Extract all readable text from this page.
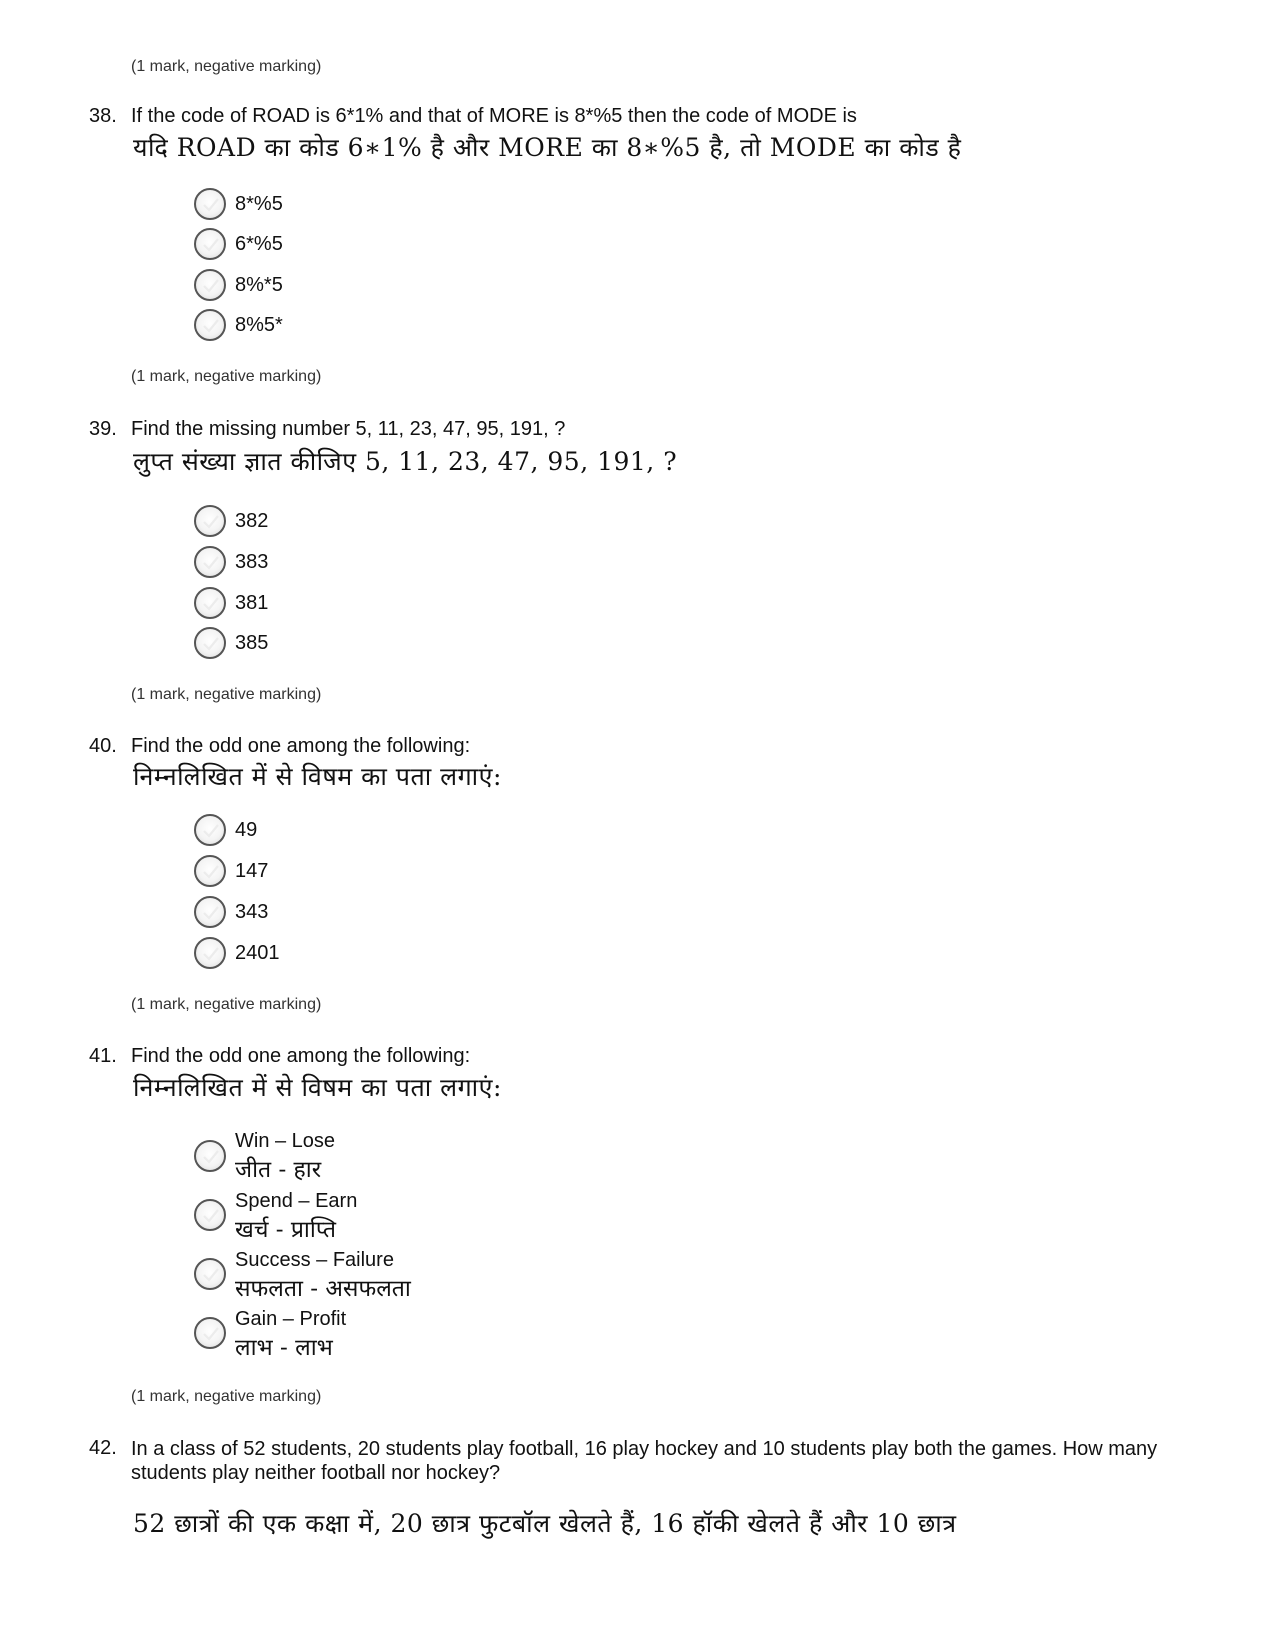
(1 mark, negative marking)
38. If the code of ROAD is 6*1% and that of MORE is 8*%5 then the code of MODE is
यदि ROAD का कोड 6∗1% है और MORE का 8∗%5 है, तो MODE का कोड है
8*%5
6*%5
8%*5
8%5*
(1 mark, negative marking)
39. Find the missing number 5, 11, 23, 47, 95, 191, ?
लुप्त संख्या ज्ञात कीजिए 5, 11, 23, 47, 95, 191, ?
382
383
381
385
(1 mark, negative marking)
40. Find the odd one among the following:
निम्नलिखित में से विषम का पता लगाएं:
49
147
343
2401
(1 mark, negative marking)
41. Find the odd one among the following:
निम्नलिखित में से विषम का पता लगाएं:
Win – Lose
जीत - हार
Spend – Earn
खर्च - प्राप्ति
Success – Failure
सफलता - असफलता
Gain – Profit
लाभ - लाभ
(1 mark, negative marking)
42. In a class of 52 students, 20 students play football, 16 play hockey and 10 students play both the games. How many students play neither football nor hockey?
52 छात्रों की एक कक्षा में, 20 छात्र फुटबॉल खेलते हैं, 16 हॉकी खेलते हैं और 10 छात्र
